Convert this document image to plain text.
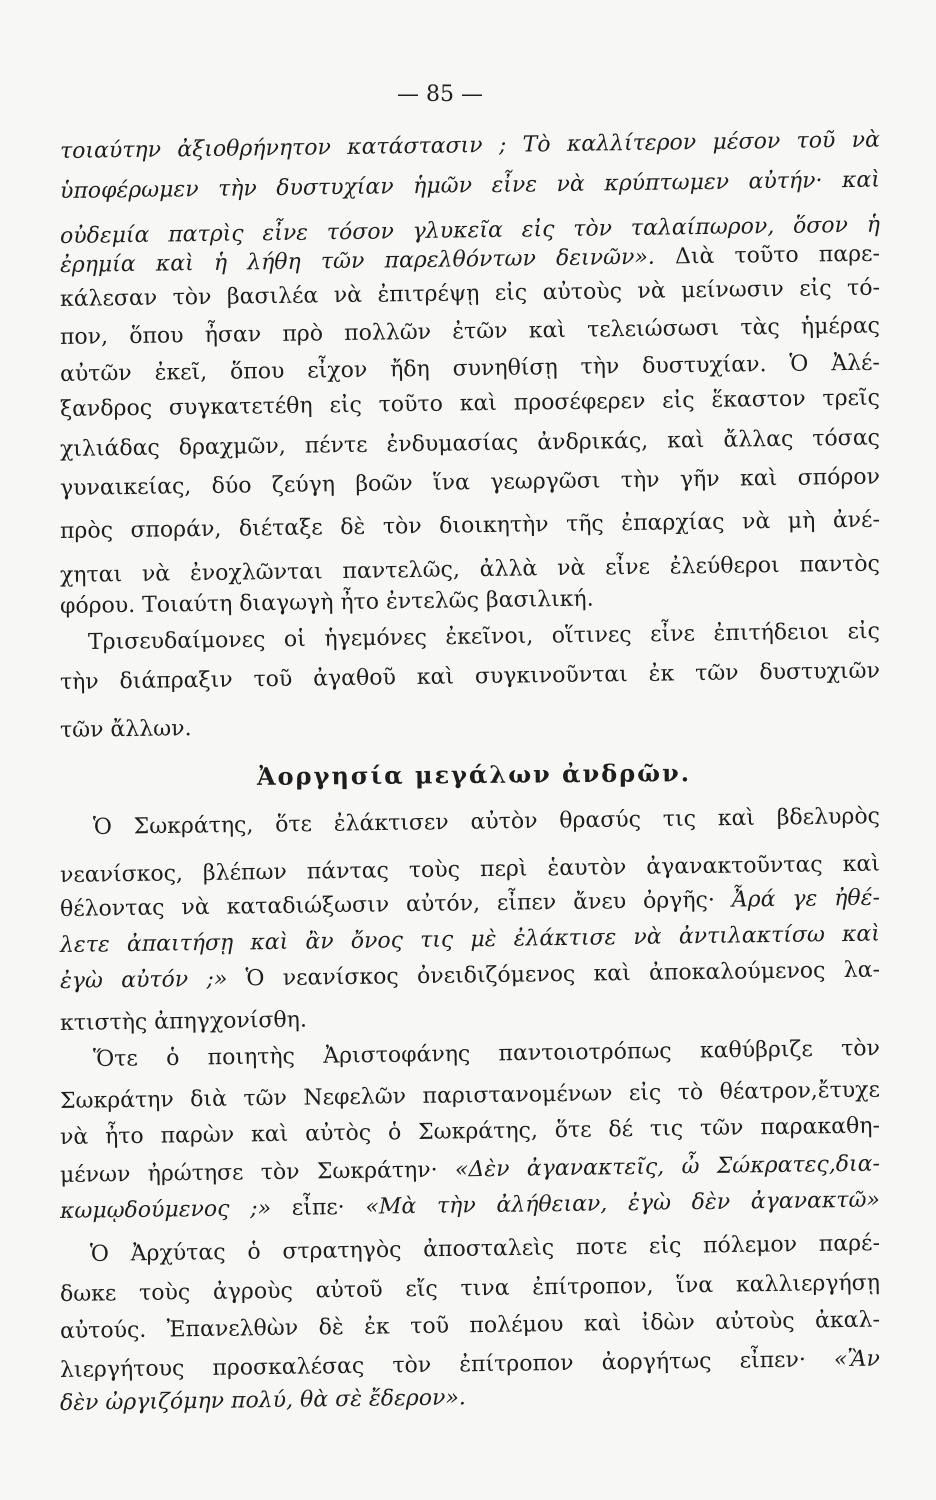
— 85 —
τοιαύτην ἀξιοθρήνητον κατάστασιν ; Τὸ καλλίτερον μέσον τοῦ νὰ
ὑποφέρωμεν τὴν δυστυχίαν ἡμῶν εἶνε νὰ κρύπτωμεν αὐτήν· καὶ
οὐδεμία πατρὶς εἶνε τόσον γλυκεῖα εἰς τὸν ταλαίπωρον, ὅσον ἡ
ἐρημία καὶ ἡ λήθη τῶν παρελθόντων δεινῶν». Διὰ τοῦτο παρε-
κάλεσαν τὸν βασιλέα νὰ ἐπιτρέψῃ εἰς αὐτοὺς νὰ μείνωσιν εἰς τό-
πον, ὅπου ἦσαν πρὸ πολλῶν ἐτῶν καὶ τελειώσωσι τὰς ἡμέρας
αὐτῶν ἐκεῖ, ὅπου εἶχον ἤδη συνηθίσῃ τὴν δυστυχίαν. Ὁ Ἀλέ-
ξανδρος συγκατετέθη εἰς τοῦτο καὶ προσέφερεν εἰς ἕκαστον τρεῖς
χιλιάδας δραχμῶν, πέντε ἐνδυμασίας ἀνδρικάς, καὶ ἄλλας τόσας
γυναικείας, δύο ζεύγη βοῶν ἵνα γεωργῶσι τὴν γῆν καὶ σπόρον
πρὸς σποράν, διέταξε δὲ τὸν διοικητὴν τῆς ἐπαρχίας νὰ μὴ ἀνέ-
χηται νὰ ἐνοχλῶνται παντελῶς, ἀλλὰ νὰ εἶνε ἐλεύθεροι παντὸς
φόρου. Τοιαύτη διαγωγὴ ἦτο ἐντελῶς βασιλική.
Τρισευδαίμονες οἱ ἡγεμόνες ἐκεῖνοι, οἵτινες εἶνε ἐπιτήδειοι εἰς
τὴν διάπραξιν τοῦ ἀγαθοῦ καὶ συγκινοῦνται ἐκ τῶν δυστυχιῶν
τῶν ἄλλων.
Ἀοργησία μεγάλων ἀνδρῶν.
Ὁ Σωκράτης, ὅτε ἐλάκτισεν αὐτὸν θρασύς τις καὶ βδελυρὸς
νεανίσκος, βλέπων πάντας τοὺς περὶ ἑαυτὸν ἀγανακτοῦντας καὶ
θέλοντας νὰ καταδιώξωσιν αὐτόν, εἶπεν ἄνευ ὀργῆς· Ἆρά γε ἠθέ-
λετε ἀπαιτήσῃ καὶ ἂν ὄνος τις μὲ ἐλάκτισε νὰ ἀντιλακτίσω καὶ
ἐγὼ αὐτόν ;» Ὁ νεανίσκος ὀνειδιζόμενος καὶ ἀποκαλούμενος λα-
κτιστὴς ἀπηγχονίσθη.
Ὅτε ὁ ποιητὴς Ἀριστοφάνης παντοιοτρόπως καθύβριζε τὸν
Σωκράτην διὰ τῶν Νεφελῶν παριστανομένων εἰς τὸ θέατρον,ἔτυχε
νὰ ἦτο παρὼν καὶ αὐτὸς ὁ Σωκράτης, ὅτε δέ τις τῶν παρακαθη-
μένων ἠρώτησε τὸν Σωκράτην· «Δὲν ἀγανακτεῖς, ὦ Σώκρατες,δια-
κωμῳδούμενος ;» εἶπε· «Μὰ τὴν ἀλήθειαν, ἐγὼ δὲν ἀγανακτῶ»
Ὁ Ἀρχύτας ὁ στρατηγὸς ἀποσταλεὶς ποτε εἰς πόλεμον παρέ-
δωκε τοὺς ἀγροὺς αὐτοῦ εἴς τινα ἐπίτροπον, ἵνα καλλιεργήσῃ
αὐτούς. Ἐπανελθὼν δὲ ἐκ τοῦ πολέμου καὶ ἰδὼν αὐτοὺς ἀκαλ-
λιεργήτους προσκαλέσας τὸν ἐπίτροπον ἀοργήτως εἶπεν· «Ἂν
δὲν ὠργιζόμην πολύ, θὰ σὲ ἔδερον».
